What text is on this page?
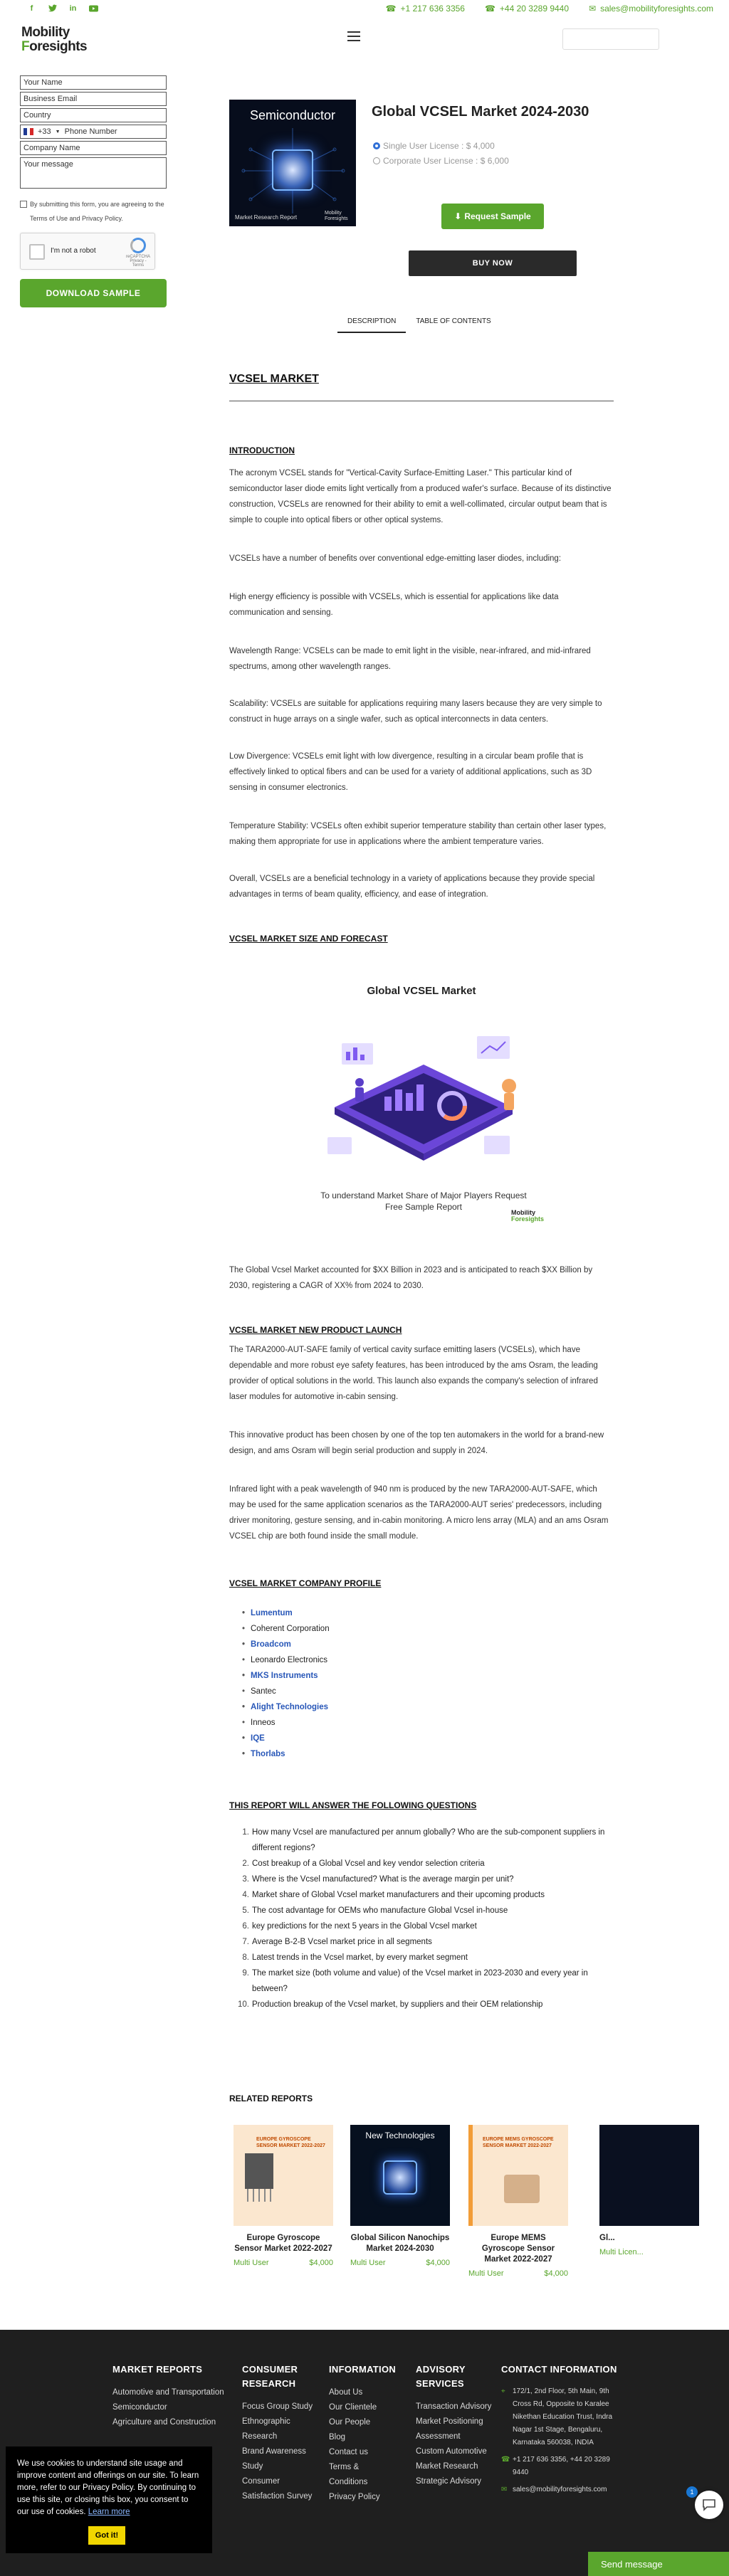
f	in	☎ +1 217 636 3356 ☎ +44 20 3289 9440 ✉ sales@mobilityforesights.com
Mobility
Foresights
Your Name
Business Email
Country
+33 ▼ Phone Number
Company Name
Your message
By submitting this form, you are agreeing to the Terms of Use and Privacy Policy.
I'm not a robot
reCAPTCHA
Privacy - Terms
DOWNLOAD SAMPLE
Semiconductor
Market Research Report
Mobility Foresights
Global VCSEL Market 2024-2030
Single User License : $ 4,000
Corporate User License : $ 6,000
⬇ Request Sample
BUY NOW
DESCRIPTION	TABLE OF CONTENTS
VCSEL MARKET
INTRODUCTION
The acronym VCSEL stands for "Vertical-Cavity Surface-Emitting Laser." This particular kind of semiconductor laser diode emits light vertically from a produced wafer's surface. Because of its distinctive construction, VCSELs are renowned for their ability to emit a well-collimated, circular output beam that is simple to couple into optical fibers or other optical systems.
VCSELs have a number of benefits over conventional edge-emitting laser diodes, including:
High energy efficiency is possible with VCSELs, which is essential for applications like data communication and sensing.
Wavelength Range: VCSELs can be made to emit light in the visible, near-infrared, and mid-infrared spectrums, among other wavelength ranges.
Scalability: VCSELs are suitable for applications requiring many lasers because they are very simple to construct in huge arrays on a single wafer, such as optical interconnects in data centers.
Low Divergence: VCSELs emit light with low divergence, resulting in a circular beam profile that is effectively linked to optical fibers and can be used for a variety of additional applications, such as 3D sensing in consumer electronics.
Temperature Stability: VCSELs often exhibit superior temperature stability than certain other laser types, making them appropriate for use in applications where the ambient temperature varies.
Overall, VCSELs are a beneficial technology in a variety of applications because they provide special advantages in terms of beam quality, efficiency, and ease of integration.
VCSEL MARKET SIZE AND FORECAST
Global VCSEL Market
To understand Market Share of Major Players Request Free Sample Report
Mobility
Foresights
The Global Vcsel Market accounted for $XX Billion in 2023 and is anticipated to reach $XX Billion by 2030, registering a CAGR of XX% from 2024 to 2030.
VCSEL MARKET NEW PRODUCT LAUNCH
The TARA2000-AUT-SAFE family of vertical cavity surface emitting lasers (VCSELs), which have dependable and more robust eye safety features, has been introduced by the ams Osram, the leading provider of optical solutions in the world. This launch also expands the company's selection of infrared laser modules for automotive in-cabin sensing.
This innovative product has been chosen by one of the top ten automakers in the world for a brand-new design, and ams Osram will begin serial production and supply in 2024.
Infrared light with a peak wavelength of 940 nm is produced by the new TARA2000-AUT-SAFE, which may be used for the same application scenarios as the TARA2000-AUT series' predecessors, including driver monitoring, gesture sensing, and in-cabin monitoring. A micro lens array (MLA) and an ams Osram VCSEL chip are both found inside the small module.
VCSEL MARKET COMPANY PROFILE
• Lumentum
• Coherent Corporation
• Broadcom
• Leonardo Electronics
• MKS Instruments
• Santec
• Alight Technologies
• Inneos
• IQE
• Thorlabs
THIS REPORT WILL ANSWER THE FOLLOWING QUESTIONS
1. How many Vcsel are manufactured per annum globally? Who are the sub-component suppliers in different regions?
2. Cost breakup of a Global Vcsel and key vendor selection criteria
3. Where is the Vcsel manufactured? What is the average margin per unit?
4. Market share of Global Vcsel market manufacturers and their upcoming products
5. The cost advantage for OEMs who manufacture Global Vcsel in-house
6. key predictions for the next 5 years in the Global Vcsel market
7. Average B-2-B Vcsel market price in all segments
8. Latest trends in the Vcsel market, by every market segment
9. The market size (both volume and value) of the Vcsel market in 2023-2030 and every year in between?
10. Production breakup of the Vcsel market, by suppliers and their OEM relationship
RELATED REPORTS
EUROPE GYROSCOPE SENSOR MARKET 2022-2027
Europe Gyroscope Sensor Market 2022-2027
Multi User	$4,000
New Technologies
Global Silicon Nanochips Market 2024-2030
Multi User	$4,000
EUROPE MEMS GYROSCOPE SENSOR MARKET 2022-2027
Europe MEMS Gyroscope Sensor Market 2022-2027
Multi User	$4,000
Gl...
Multi Licen...
MARKET REPORTS
Automotive and Transportation
Semiconductor
Agriculture and Construction
CONSUMER RESEARCH
Focus Group Study
Ethnographic Research
Brand Awareness Study
Consumer Satisfaction Survey
INFORMATION
About Us
Our Clientele
Our People
Blog
Contact us
Terms & Conditions
Privacy Policy
ADVISORY SERVICES
Transaction Advisory
Market Positioning Assessment
Custom Automotive Market Research
Strategic Advisory
CONTACT INFORMATION
⌖	172/1, 2nd Floor, 5th Main, 9th Cross Rd, Opposite to Karalee Nikethan Education Trust, Indra Nagar 1st Stage, Bengaluru, Karnataka 560038, INDIA
☎ +1 217 636 3356, +44 20 3289 9440
✉ sales@mobilityforesights.com
We use cookies to understand site usage and improve content and offerings on our site. To learn more, refer to our Privacy Policy. By continuing to use this site, or closing this box, you consent to our use of cookies. Learn more
Got it!
1
Send message
